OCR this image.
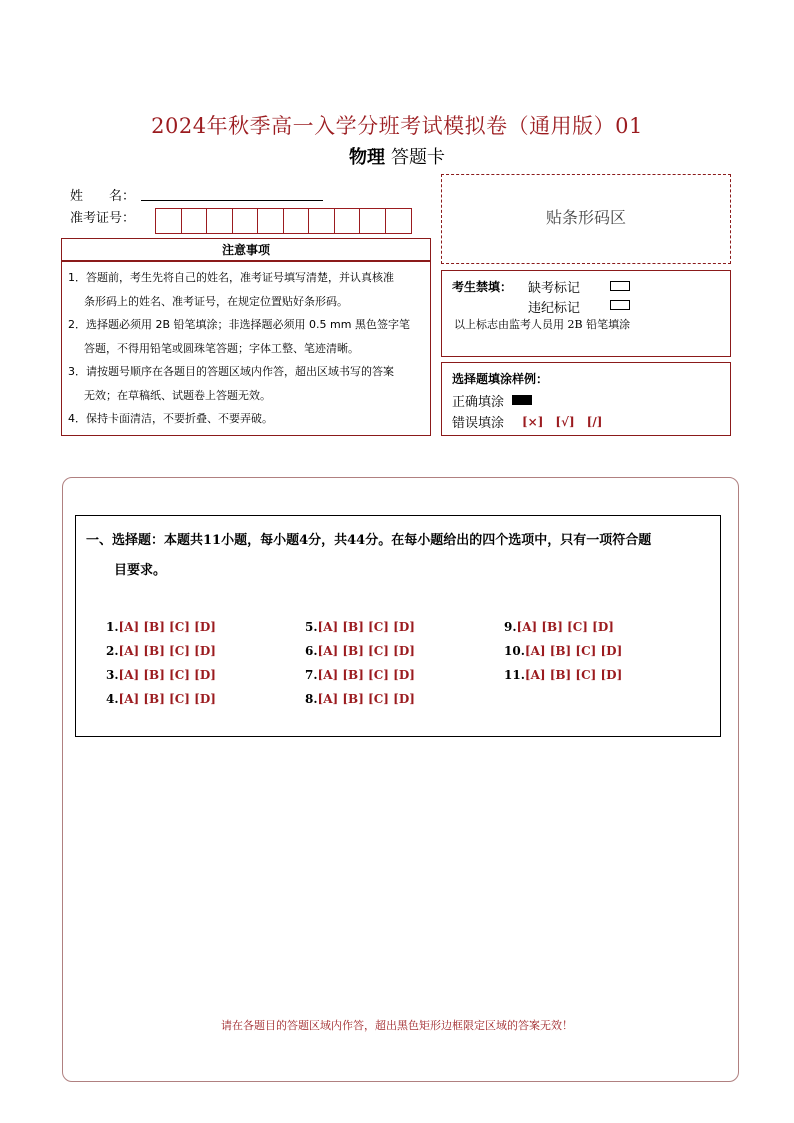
2024年秋季高一入学分班考试模拟卷（通用版）01
物理 答题卡
姓　　名：
准考证号：
注意事项

1．答题前，考生先将自己的姓名，准考证号填写清楚，并认真核准

条形码上的姓名、准考证号，在规定位置贴好条形码。

2．选择题必须用 2B 铅笔填涂；非选择题必须用 0.5 mm 黑色签字笔

答题，不得用铅笔或圆珠笔答题；字体工整、笔迹清晰。

3．请按题号顺序在各题目的答题区域内作答，超出区域书写的答案

无效；在草稿纸、试题卷上答题无效。

4．保持卡面清洁，不要折叠、不要弄破。

贴条形码区
考生禁填： 缺考标记
违纪标记
以上标志由监考人员用 2B 铅笔填涂
选择题填涂样例：
正确填涂
错误填涂 [×]　[√]　[/]
一、选择题：本题共11小题，每小题4分，共44分。在每小题给出的四个选项中，只有一项符合题
目要求。
1.[A] [B] [C] [D]
2.[A] [B] [C] [D]
3.[A] [B] [C] [D]
4.[A] [B] [C] [D]
5.[A] [B] [C] [D]
6.[A] [B] [C] [D]
7.[A] [B] [C] [D]
8.[A] [B] [C] [D]
9.[A] [B] [C] [D]
10.[A] [B] [C] [D]
11.[A] [B] [C] [D]
请在各题目的答题区域内作答，超出黑色矩形边框限定区域的答案无效！
